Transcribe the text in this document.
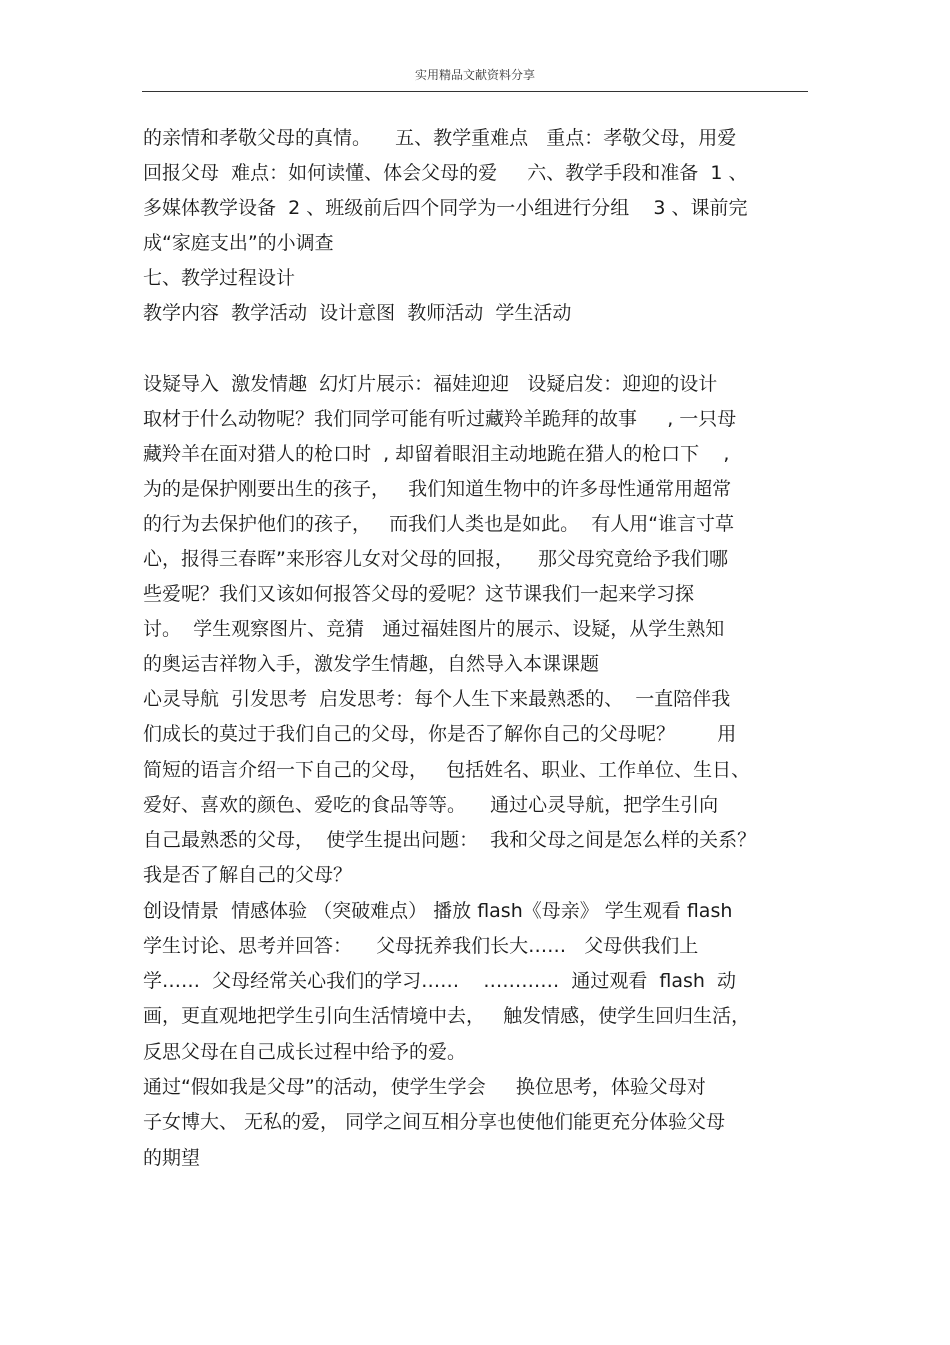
实用精品文献资料分享
的亲情和孝敬父母的真情。    五、教学重难点   重点：孝敬父母，用爱
回报父母  难点：如何读懂、体会父母的爱     六、教学手段和准备  1 、
多媒体教学设备  2 、班级前后四个同学为一小组进行分组    3 、课前完
成“家庭支出”的小调查
七、教学过程设计
教学内容  教学活动  设计意图  教师活动  学生活动
设疑导入  激发情趣  幻灯片展示：福娃迎迎   设疑启发：迎迎的设计
取材于什么动物呢？我们同学可能有听过藏羚羊跪拜的故事     , 一只母
藏羚羊在面对猎人的枪口时  , 却留着眼泪主动地跪在猎人的枪口下    ,
为的是保护刚要出生的孩子，   我们知道生物中的许多母性通常用超常
的行为去保护他们的孩子，   而我们人类也是如此。  有人用“谁言寸草
心，报得三春晖”来形容儿女对父母的回报，    那父母究竟给予我们哪
些爱呢？我们又该如何报答父母的爱呢？这节课我们一起来学习探
讨。  学生观察图片、竞猜   通过福娃图片的展示、设疑，从学生熟知
的奥运吉祥物入手，激发学生情趣，自然导入本课课题
心灵导航  引发思考  启发思考：每个人生下来最熟悉的、  一直陪伴我
们成长的莫过于我们自己的父母，你是否了解你自己的父母呢？       用
简短的语言介绍一下自己的父母，   包括姓名、职业、工作单位、生日、
爱好、喜欢的颜色、爱吃的食品等等。    通过心灵导航，把学生引向
自己最熟悉的父母，  使学生提出问题：  我和父母之间是怎么样的关系？
我是否了解自己的父母？
创设情景  情感体验 （突破难点） 播放 flash《母亲》 学生观看 flash
学生讨论、思考并回答：    父母抚养我们长大……   父母供我们上
学……  父母经常关心我们的学习……    …………  通过观看  flash  动
画，更直观地把学生引向生活情境中去，   触发情感，使学生回归生活，
反思父母在自己成长过程中给予的爱。
通过“假如我是父母”的活动，使学生学会     换位思考，体验父母对
子女博大、 无私的爱， 同学之间互相分享也使他们能更充分体验父母
的期望
